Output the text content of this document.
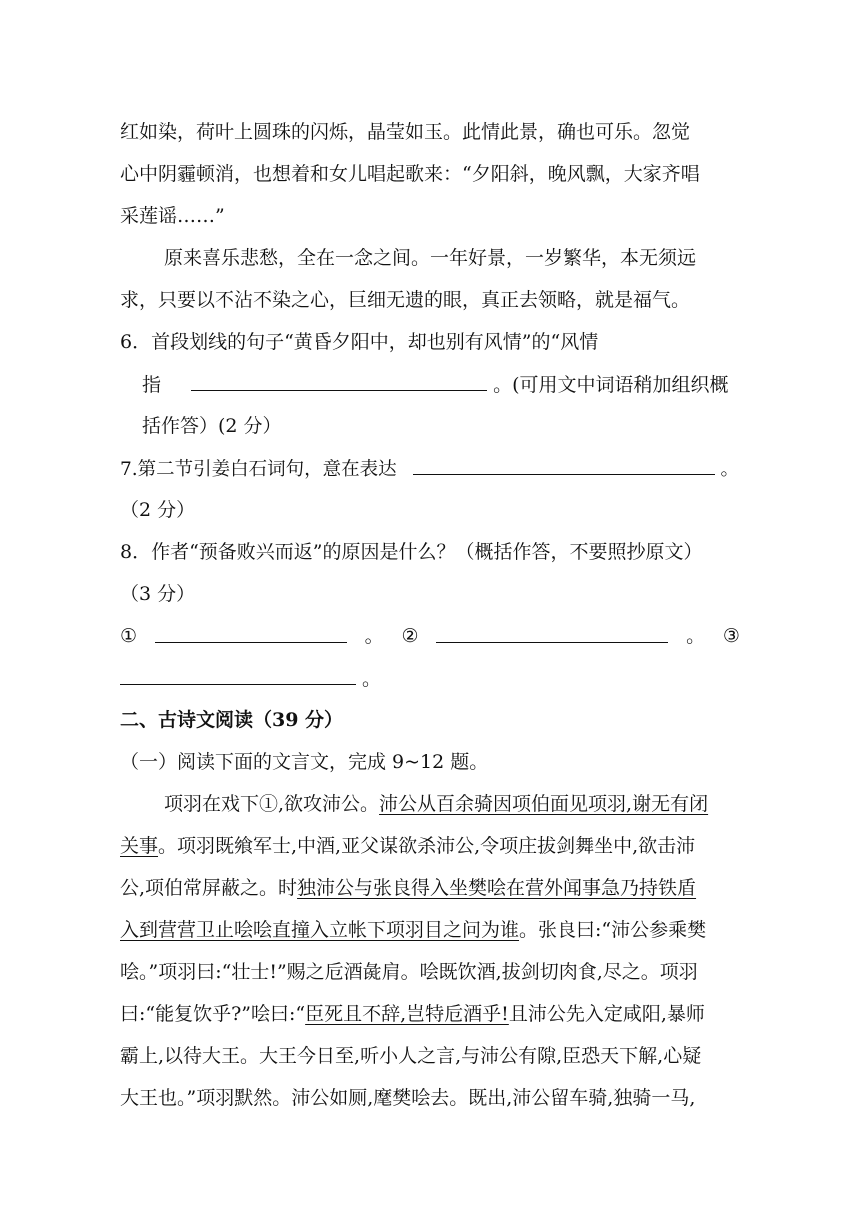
红如染，荷叶上圆珠的闪烁，晶莹如玉。此情此景，确也可乐。忽觉
心中阴霾顿消，也想着和女儿唱起歌来：“夕阳斜，晚风飘，大家齐唱
采莲谣……”
原来喜乐悲愁，全在一念之间。一年好景，一岁繁华，本无须远
求，只要以不沾不染之心，巨细无遗的眼，真正去领略，就是福气。
6．首段划线的句子“黄昏夕阳中，却也别有风情”的“风情
指	。(可用文中词语稍加组织概
括作答）(2 分）
7.第二节引姜白石词句，意在表达	。
（2 分）
8．作者“预备败兴而返”的原因是什么？（概括作答，不要照抄原文）
（3 分）
①	。 ②	。 ③
。
二、古诗文阅读（39 分）
（一）阅读下面的文言文，完成 9~12 题。
项羽在戏下①,欲攻沛公。沛公从百余骑因项伯面见项羽,谢无有闭
关事。项羽既飨军士,中酒,亚父谋欲杀沛公,令项庄拔剑舞坐中,欲击沛
公,项伯常屏蔽之。时独沛公与张良得入坐樊哙在营外闻事急乃持铁盾
入到营营卫止哙哙直撞入立帐下项羽目之问为谁。张良曰:“沛公参乘樊
哙。”项羽曰:“壮士!”赐之卮酒彘肩。哙既饮酒,拔剑切肉食,尽之。项羽
曰:“能复饮乎?”哙曰:“臣死且不辞,岂特卮酒乎!且沛公先入定咸阳,暴师
霸上,以待大王。大王今日至,听小人之言,与沛公有隙,臣恐天下解,心疑
大王也。”项羽默然。沛公如厕,麾樊哙去。既出,沛公留车骑,独骑一马,
